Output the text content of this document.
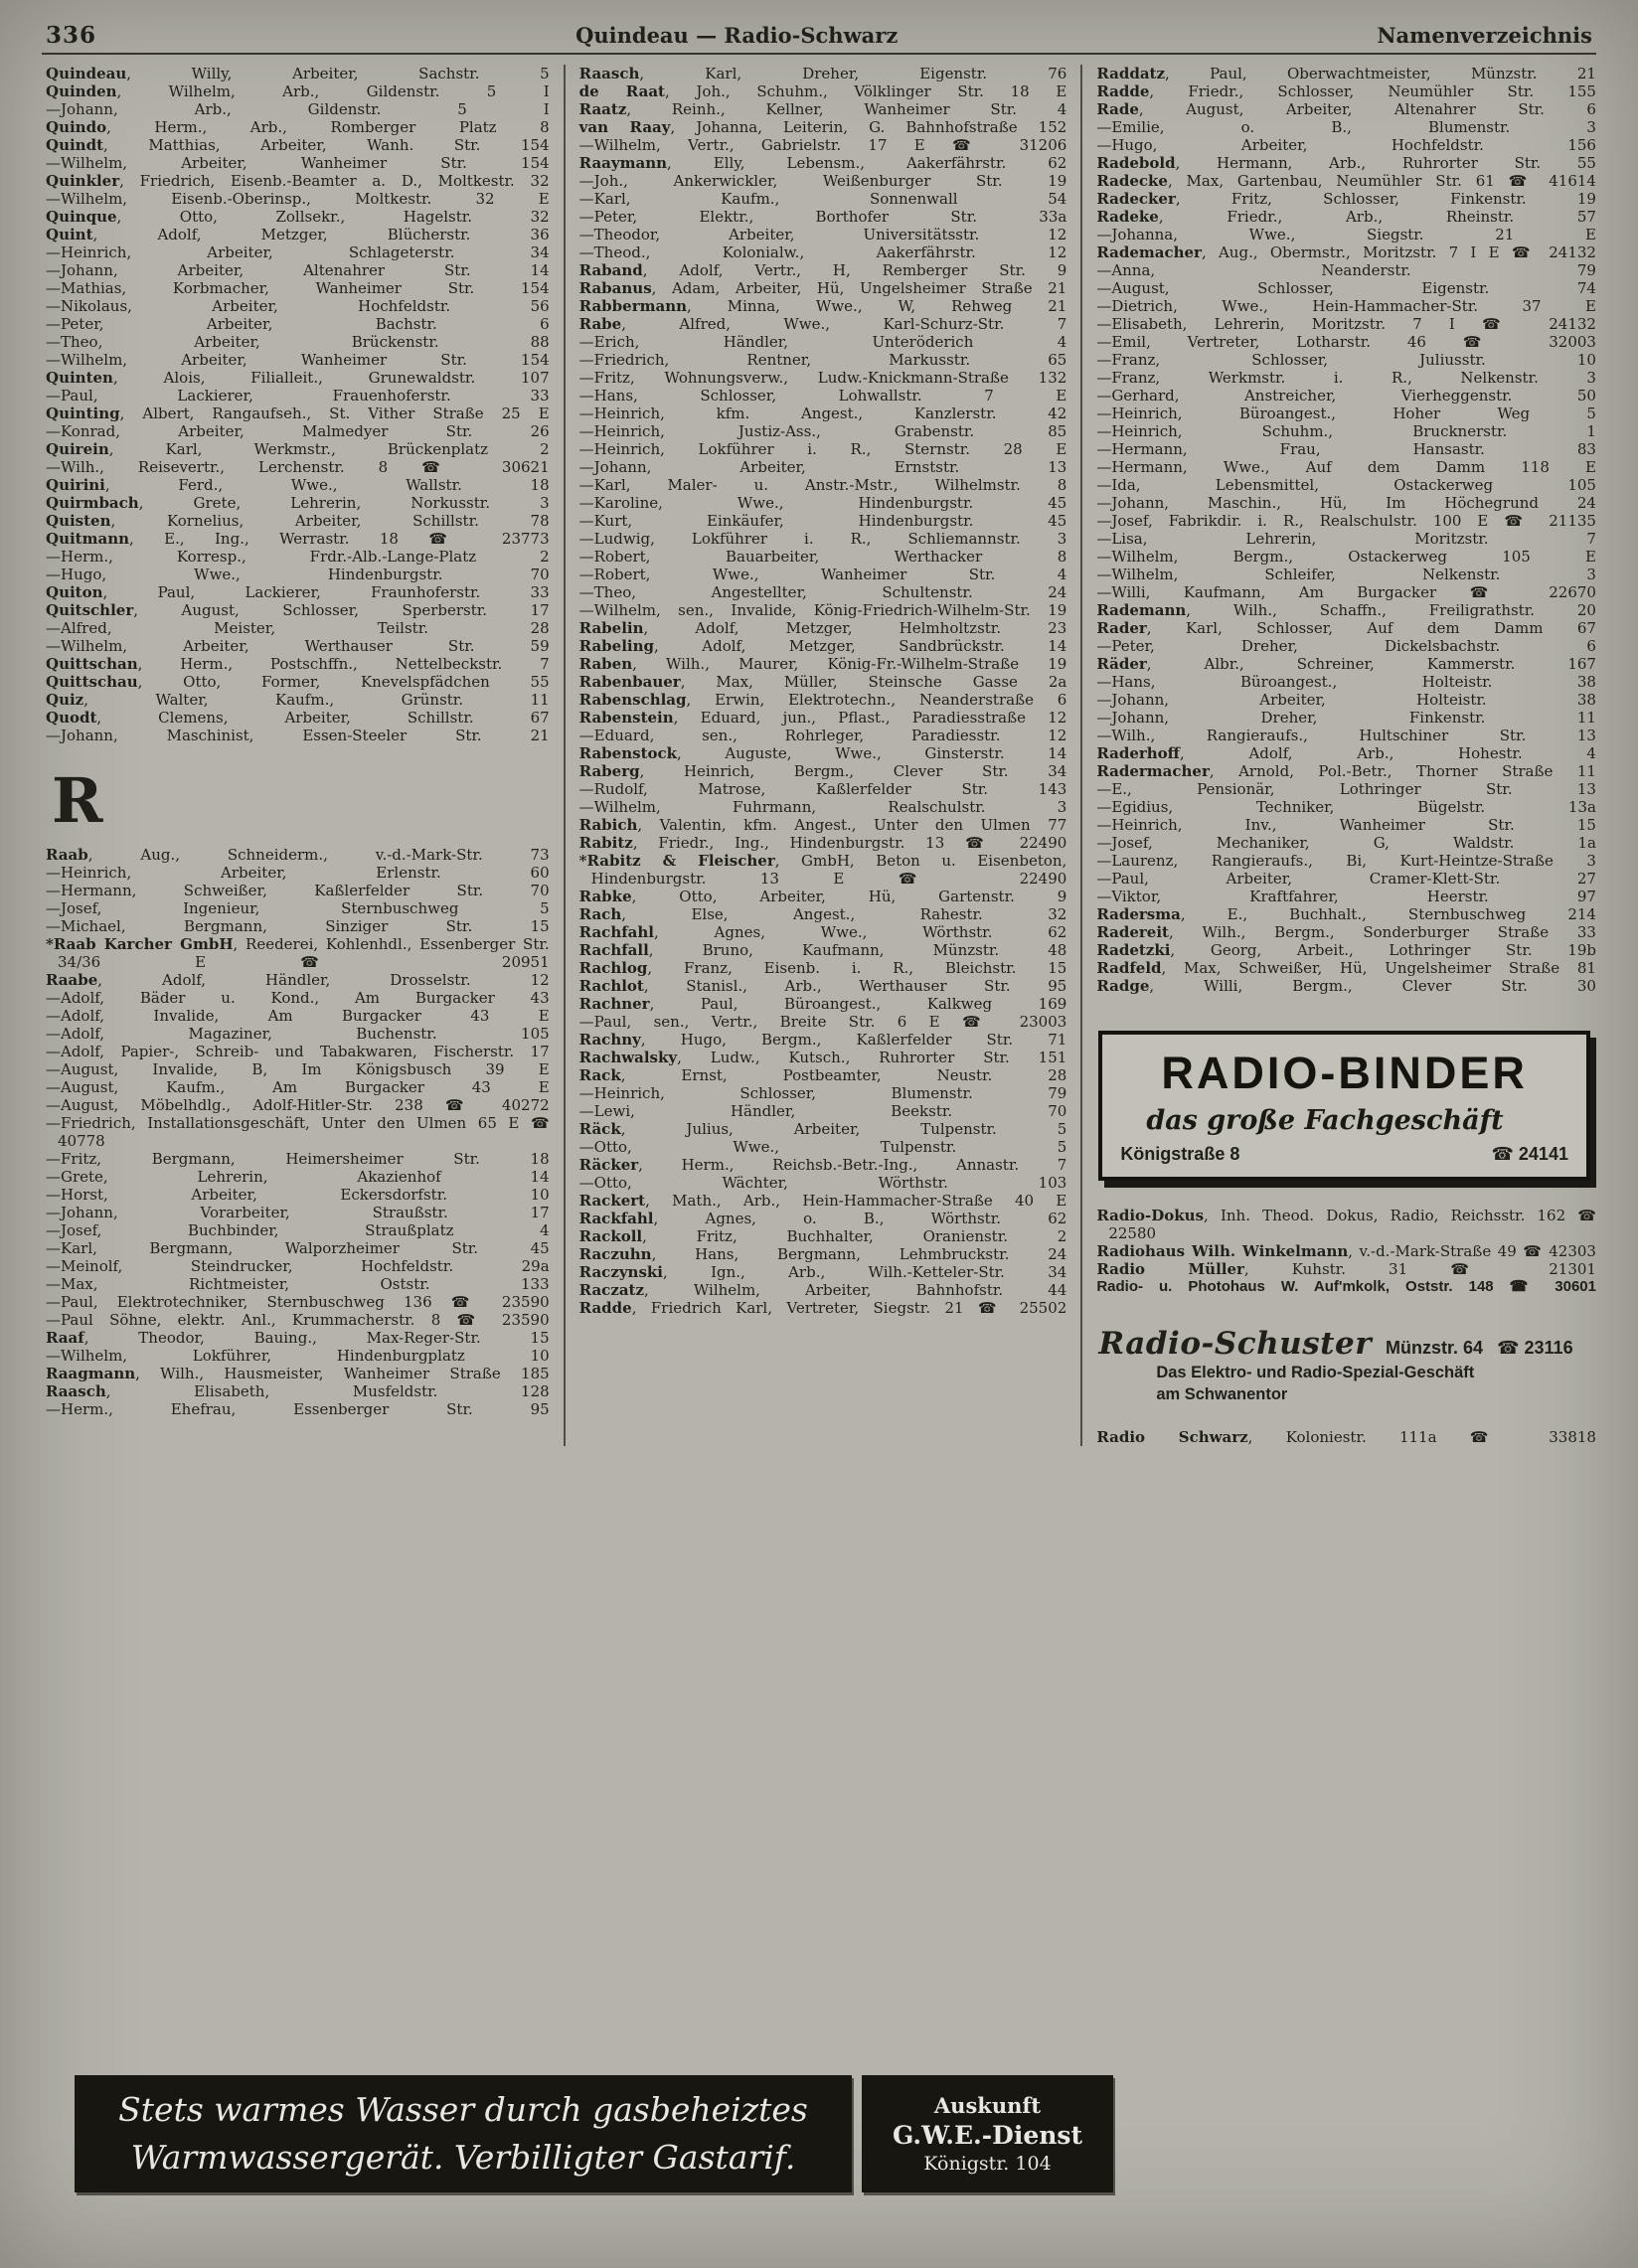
336	Quindeau — Radio-Schwarz	Namenverzeichnis

Quindeau, Willy, Arbeiter, Sachstr. 5

Quinden, Wilhelm, Arb., Gildenstr. 5 I

—Johann, Arb., Gildenstr. 5 I

Quindo, Herm., Arb., Romberger Platz 8

Quindt, Matthias, Arbeiter, Wanh. Str. 154

—Wilhelm, Arbeiter, Wanheimer Str. 154

Quinkler, Friedrich, Eisenb.-Beamter a. D., Moltkestr. 32

—Wilhelm, Eisenb.-Oberinsp., Moltkestr. 32 E

Quinque, Otto, Zollsekr., Hagelstr. 32

Quint, Adolf, Metzger, Blücherstr. 36

—Heinrich, Arbeiter, Schlageterstr. 34

—Johann, Arbeiter, Altenahrer Str. 14

—Mathias, Korbmacher, Wanheimer Str. 154

—Nikolaus, Arbeiter, Hochfeldstr. 56

—Peter, Arbeiter, Bachstr. 6

—Theo, Arbeiter, Brückenstr. 88

—Wilhelm, Arbeiter, Wanheimer Str. 154

Quinten, Alois, Filialleit., Grunewaldstr. 107

—Paul, Lackierer, Frauenhoferstr. 33

Quinting, Albert, Rangaufseh., St. Vither Straße 25 E

—Konrad, Arbeiter, Malmedyer Str. 26

Quirein, Karl, Werkmstr., Brückenplatz 2

—Wilh., Reisevertr., Lerchenstr. 8 ☎ 30621

Quirini, Ferd., Wwe., Wallstr. 18

Quirmbach, Grete, Lehrerin, Norkusstr. 3

Quisten, Kornelius, Arbeiter, Schillstr. 78

Quitmann, E., Ing., Werrastr. 18 ☎ 23773

—Herm., Korresp., Frdr.-Alb.-Lange-Platz 2

—Hugo, Wwe., Hindenburgstr. 70

Quiton, Paul, Lackierer, Fraunhoferstr. 33

Quitschler, August, Schlosser, Sperberstr. 17

—Alfred, Meister, Teilstr. 28

—Wilhelm, Arbeiter, Werthauser Str. 59

Quittschan, Herm., Postschffn., Nettelbeckstr. 7

Quittschau, Otto, Former, Knevelspfädchen 55

Quiz, Walter, Kaufm., Grünstr. 11

Quodt, Clemens, Arbeiter, Schillstr. 67

—Johann, Maschinist, Essen-Steeler Str. 21

R

Raab, Aug., Schneiderm., v.-d.-Mark-Str. 73

—Heinrich, Arbeiter, Erlenstr. 60

—Hermann, Schweißer, Kaßlerfelder Str. 70

—Josef, Ingenieur, Sternbuschweg 5

—Michael, Bergmann, Sinziger Str. 15

*Raab Karcher GmbH, Reederei, Kohlenhdl., Essenberger Str. 34/36 E ☎ 20951

Raabe, Adolf, Händler, Drosselstr. 12

—Adolf, Bäder u. Kond., Am Burgacker 43

—Adolf, Invalide, Am Burgacker 43 E

—Adolf, Magaziner, Buchenstr. 105

—Adolf, Papier-, Schreib- und Tabakwaren, Fischerstr. 17

—August, Invalide, B, Im Königsbusch 39 E

—August, Kaufm., Am Burgacker 43 E

—August, Möbelhdlg., Adolf-Hitler-Str. 238 ☎ 40272

—Friedrich, Installationsgeschäft, Unter den Ulmen 65 E ☎ 40778

—Fritz, Bergmann, Heimersheimer Str. 18

—Grete, Lehrerin, Akazienhof 14

—Horst, Arbeiter, Eckersdorfstr. 10

—Johann, Vorarbeiter, Straußstr. 17

—Josef, Buchbinder, Straußplatz 4

—Karl, Bergmann, Walporzheimer Str. 45

—Meinolf, Steindrucker, Hochfeldstr. 29a

—Max, Richtmeister, Oststr. 133

—Paul, Elektrotechniker, Sternbuschweg 136 ☎ 23590

—Paul Söhne, elektr. Anl., Krummacherstr. 8 ☎ 23590

Raaf, Theodor, Bauing., Max-Reger-Str. 15

—Wilhelm, Lokführer, Hindenburgplatz 10

Raagmann, Wilh., Hausmeister, Wanheimer Straße 185

Raasch, Elisabeth, Musfeldstr. 128

—Herm., Ehefrau, Essenberger Str. 95

Raasch, Karl, Dreher, Eigenstr. 76

de Raat, Joh., Schuhm., Völklinger Str. 18 E

Raatz, Reinh., Kellner, Wanheimer Str. 4

van Raay, Johanna, Leiterin, G. Bahnhofstraße 152

—Wilhelm, Vertr., Gabrielstr. 17 E ☎ 31206

Raaymann, Elly, Lebensm., Aakerfährstr. 62

—Joh., Ankerwickler, Weißenburger Str. 19

—Karl, Kaufm., Sonnenwall 54

—Peter, Elektr., Borthofer Str. 33a

—Theodor, Arbeiter, Universitätsstr. 12

—Theod., Kolonialw., Aakerfährstr. 12

Raband, Adolf, Vertr., H, Remberger Str. 9

Rabanus, Adam, Arbeiter, Hü, Ungelsheimer Straße 21

Rabbermann, Minna, Wwe., W, Rehweg 21

Rabe, Alfred, Wwe., Karl-Schurz-Str. 7

—Erich, Händler, Unteröderich 4

—Friedrich, Rentner, Markusstr. 65

—Fritz, Wohnungsverw., Ludw.-Knickmann-Straße 132

—Hans, Schlosser, Lohwallstr. 7 E

—Heinrich, kfm. Angest., Kanzlerstr. 42

—Heinrich, Justiz-Ass., Grabenstr. 85

—Heinrich, Lokführer i. R., Sternstr. 28 E

—Johann, Arbeiter, Ernststr. 13

—Karl, Maler- u. Anstr.-Mstr., Wilhelmstr. 8

—Karoline, Wwe., Hindenburgstr. 45

—Kurt, Einkäufer, Hindenburgstr. 45

—Ludwig, Lokführer i. R., Schliemannstr. 3

—Robert, Bauarbeiter, Werthacker 8

—Robert, Wwe., Wanheimer Str. 4

—Theo, Angestellter, Schultenstr. 24

—Wilhelm, sen., Invalide, König-Friedrich-Wilhelm-Str. 19

Rabelin, Adolf, Metzger, Helmholtzstr. 23

Rabeling, Adolf, Metzger, Sandbrückstr. 14

Raben, Wilh., Maurer, König-Fr.-Wilhelm-Straße 19

Rabenbauer, Max, Müller, Steinsche Gasse 2a

Rabenschlag, Erwin, Elektrotechn., Neanderstraße 6

Rabenstein, Eduard, jun., Pflast., Paradiesstraße 12

—Eduard, sen., Rohrleger, Paradiesstr. 12

Rabenstock, Auguste, Wwe., Ginsterstr. 14

Raberg, Heinrich, Bergm., Clever Str. 34

—Rudolf, Matrose, Kaßlerfelder Str. 143

—Wilhelm, Fuhrmann, Realschulstr. 3

Rabich, Valentin, kfm. Angest., Unter den Ulmen 77

Rabitz, Friedr., Ing., Hindenburgstr. 13 ☎ 22490

*Rabitz & Fleischer, GmbH, Beton u. Eisenbeton, Hindenburgstr. 13 E ☎ 22490

Rabke, Otto, Arbeiter, Hü, Gartenstr. 9

Rach, Else, Angest., Rahestr. 32

Rachfahl, Agnes, Wwe., Wörthstr. 62

Rachfall, Bruno, Kaufmann, Münzstr. 48

Rachlog, Franz, Eisenb. i. R., Bleichstr. 15

Rachlot, Stanisl., Arb., Werthauser Str. 95

Rachner, Paul, Büroangest., Kalkweg 169

—Paul, sen., Vertr., Breite Str. 6 E ☎ 23003

Rachny, Hugo, Bergm., Kaßlerfelder Str. 71

Rachwalsky, Ludw., Kutsch., Ruhrorter Str. 151

Rack, Ernst, Postbeamter, Neustr. 28

—Heinrich, Schlosser, Blumenstr. 79

—Lewi, Händler, Beekstr. 70

Räck, Julius, Arbeiter, Tulpenstr. 5

—Otto, Wwe., Tulpenstr. 5

Räcker, Herm., Reichsb.-Betr.-Ing., Annastr. 7

—Otto, Wächter, Wörthstr. 103

Rackert, Math., Arb., Hein-Hammacher-Straße 40 E

Rackfahl, Agnes, o. B., Wörthstr. 62

Rackoll, Fritz, Buchhalter, Oranienstr. 2

Raczuhn, Hans, Bergmann, Lehmbruckstr. 24

Raczynski, Ign., Arb., Wilh.-Ketteler-Str. 34

Raczatz, Wilhelm, Arbeiter, Bahnhofstr. 44

Radde, Friedrich Karl, Vertreter, Siegstr. 21 ☎ 25502

Raddatz, Paul, Oberwachtmeister, Münzstr. 21

Radde, Friedr., Schlosser, Neumühler Str. 155

Rade, August, Arbeiter, Altenahrer Str. 6

—Emilie, o. B., Blumenstr. 3

—Hugo, Arbeiter, Hochfeldstr. 156

Radebold, Hermann, Arb., Ruhrorter Str. 55

Radecke, Max, Gartenbau, Neumühler Str. 61 ☎ 41614

Radecker, Fritz, Schlosser, Finkenstr. 19

Radeke, Friedr., Arb., Rheinstr. 57

—Johanna, Wwe., Siegstr. 21 E

Rademacher, Aug., Obermstr., Moritzstr. 7 I E ☎ 24132

—Anna, Neanderstr. 79

—August, Schlosser, Eigenstr. 74

—Dietrich, Wwe., Hein-Hammacher-Str. 37 E

—Elisabeth, Lehrerin, Moritzstr. 7 I ☎ 24132

—Emil, Vertreter, Lotharstr. 46 ☎ 32003

—Franz, Schlosser, Juliusstr. 10

—Franz, Werkmstr. i. R., Nelkenstr. 3

—Gerhard, Anstreicher, Vierheggenstr. 50

—Heinrich, Büroangest., Hoher Weg 5

—Heinrich, Schuhm., Brucknerstr. 1

—Hermann, Frau, Hansastr. 83

—Hermann, Wwe., Auf dem Damm 118 E

—Ida, Lebensmittel, Ostackerweg 105

—Johann, Maschin., Hü, Im Höchegrund 24

—Josef, Fabrikdir. i. R., Realschulstr. 100 E ☎ 21135

—Lisa, Lehrerin, Moritzstr. 7

—Wilhelm, Bergm., Ostackerweg 105 E

—Wilhelm, Schleifer, Nelkenstr. 3

—Willi, Kaufmann, Am Burgacker ☎ 22670

Rademann, Wilh., Schaffn., Freiligrathstr. 20

Rader, Karl, Schlosser, Auf dem Damm 67

—Peter, Dreher, Dickelsbachstr. 6

Räder, Albr., Schreiner, Kammerstr. 167

—Hans, Büroangest., Holteistr. 38

—Johann, Arbeiter, Holteistr. 38

—Johann, Dreher, Finkenstr. 11

—Wilh., Rangieraufs., Hultschiner Str. 13

Raderhoff, Adolf, Arb., Hohestr. 4

Radermacher, Arnold, Pol.-Betr., Thorner Straße 11

—E., Pensionär, Lothringer Str. 13

—Egidius, Techniker, Bügelstr. 13a

—Heinrich, Inv., Wanheimer Str. 15

—Josef, Mechaniker, G, Waldstr. 1a

—Laurenz, Rangieraufs., Bi, Kurt-Heintze-Straße 3

—Paul, Arbeiter, Cramer-Klett-Str. 27

—Viktor, Kraftfahrer, Heerstr. 97

Radersma, E., Buchhalt., Sternbuschweg 214

Radereit, Wilh., Bergm., Sonderburger Straße 33

Radetzki, Georg, Arbeit., Lothringer Str. 19b

Radfeld, Max, Schweißer, Hü, Ungelsheimer Straße 81

Radge, Willi, Bergm., Clever Str. 30

RADIO-BINDER
das große Fachgeschäft
Königstraße 8	☎ 24141

Radio-Dokus, Inh. Theod. Dokus, Radio, Reichsstr. 162 ☎ 22580

Radiohaus Wilh. Winkelmann, v.-d.-Mark-Straße 49 ☎ 42303

Radio Müller, Kuhstr. 31 ☎ 21301

Radio- u. Photohaus W. Auf'mkolk, Oststr. 148 ☎ 30601

Radio-Schuster Münzstr. 64 ☎ 23116
Das Elektro- und Radio-Spezial-Geschäft
am Schwanentor

Radio Schwarz, Koloniestr. 111a ☎ 33818

Stets warmes Wasser durch gasbeheiztes
Warmwassergerät. Verbilligter Gastarif.
Auskunft
G.W.E.-Dienst
Königstr. 104
